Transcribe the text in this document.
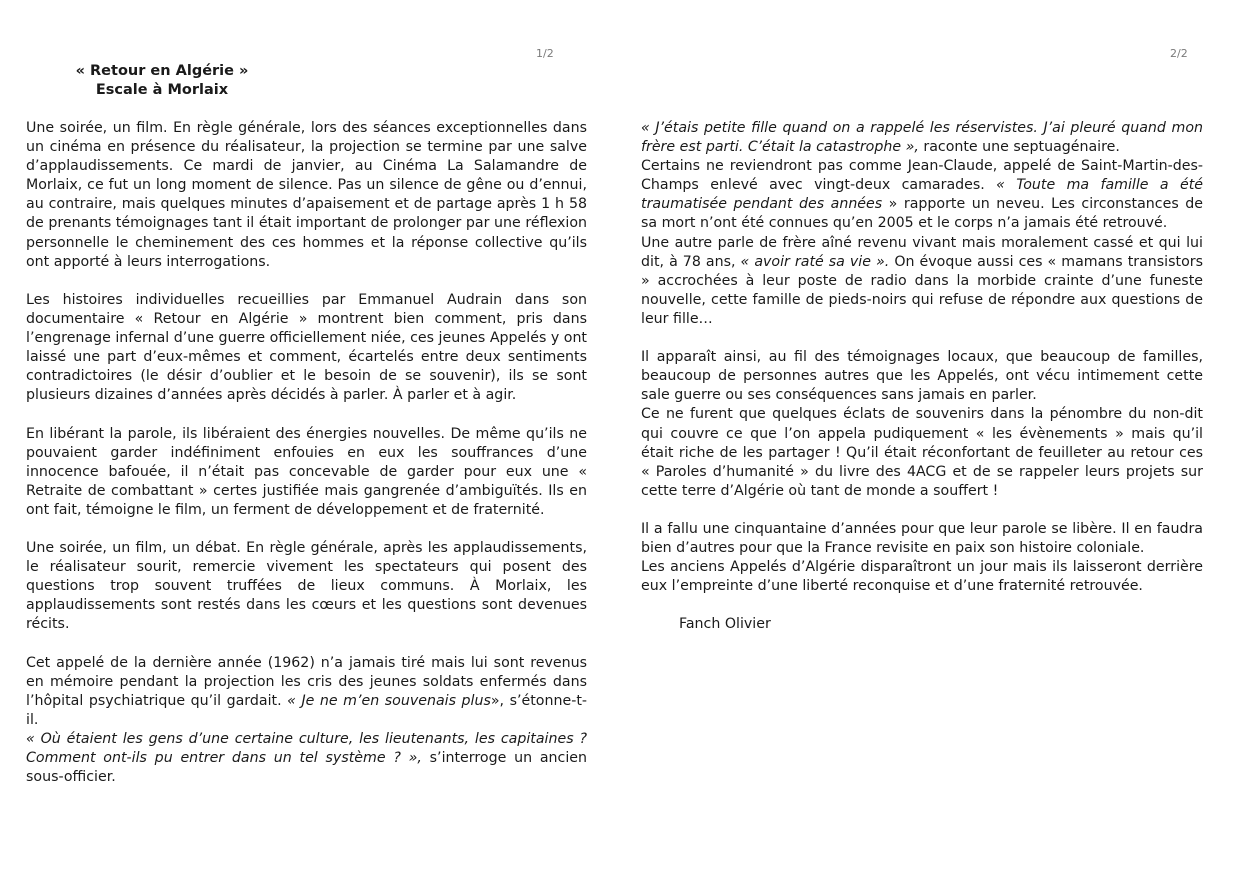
1/2
« Retour en Algérie »
Escale à Morlaix

Une soirée, un film. En règle générale, lors des séances exceptionnelles dans un cinéma en présence du réalisateur, la projection se termine par une salve d’applaudissements. Ce mardi de janvier, au Cinéma La Salamandre de Morlaix, ce fut un long moment de silence. Pas un silence de gêne ou d’ennui, au contraire, mais quelques minutes d’apaisement et de partage après 1 h 58 de prenants témoignages tant il était important de prolonger par une réflexion personnelle le cheminement des ces hommes et la réponse collective qu’ils ont apporté à leurs interrogations.

Les histoires individuelles recueillies par Emmanuel Audrain dans son documentaire « Retour en Algérie » montrent bien comment, pris dans l’engrenage infernal d’une guerre officiellement niée, ces jeunes Appelés y ont laissé une part d’eux-mêmes et comment, écartelés entre deux sentiments contradictoires (le désir d’oublier et le besoin de se souvenir), ils se sont plusieurs dizaines d’années après décidés à parler. À parler et à agir.

En libérant la parole, ils libéraient des énergies nouvelles. De même qu’ils ne pouvaient garder indéfiniment enfouies en eux les souffrances d’une innocence bafouée, il n’était pas concevable de garder pour eux une « Retraite de combattant » certes justifiée mais gangrenée d’ambiguïtés. Ils en ont fait, témoigne le film, un ferment de développement et de fraternité.

Une soirée, un film, un débat. En règle générale, après les applaudissements, le réalisateur sourit, remercie vivement les spectateurs qui posent des questions trop souvent truffées de lieux communs. À Morlaix, les applaudissements sont restés dans les cœurs et les questions sont devenues récits.

Cet appelé de la dernière année (1962) n’a jamais tiré mais lui sont revenus en mémoire pendant la projection les cris des jeunes soldats enfermés dans l’hôpital psychiatrique qu’il gardait. « Je ne m’en souvenais plus», s’étonne-t-il.

« Où étaient les gens d’une certaine culture, les lieutenants, les capitaines ? Comment ont-ils pu entrer dans un tel système ? », s’interroge un ancien sous-officier.

2/2

« J’étais petite fille quand on a rappelé les réservistes. J’ai pleuré quand mon frère est parti. C’était la catastrophe », raconte une septuagénaire.

Certains ne reviendront pas comme Jean-Claude, appelé de Saint-Martin-des-Champs enlevé avec vingt-deux camarades. « Toute ma famille a été traumatisée pendant des années » rapporte un neveu. Les circonstances de sa mort n’ont été connues qu’en 2005 et le corps n’a jamais été retrouvé.

Une autre parle de frère aîné revenu vivant mais moralement cassé et qui lui dit, à 78 ans, « avoir raté sa vie ». On évoque aussi ces « mamans transistors » accrochées à leur poste de radio dans la morbide crainte d’une funeste nouvelle, cette famille de pieds-noirs qui refuse de répondre aux questions de leur fille…

Il apparaît ainsi, au fil des témoignages locaux, que beaucoup de familles, beaucoup de personnes autres que les Appelés, ont vécu intimement cette sale guerre ou ses conséquences sans jamais en parler.

Ce ne furent que quelques éclats de souvenirs dans la pénombre du non-dit qui couvre ce que l’on appela pudiquement « les évènements » mais qu’il était riche de les partager ! Qu’il était réconfortant de feuilleter au retour ces « Paroles d’humanité » du livre des 4ACG et de se rappeler leurs projets sur cette terre d’Algérie où tant de monde a souffert !

Il a fallu une cinquantaine d’années pour que leur parole se libère. Il en faudra bien d’autres pour que la France revisite en paix son histoire coloniale.

Les anciens Appelés d’Algérie disparaîtront un jour mais ils laisseront derrière eux l’empreinte d’une liberté reconquise et d’une fraternité retrouvée.

Fanch Olivier
